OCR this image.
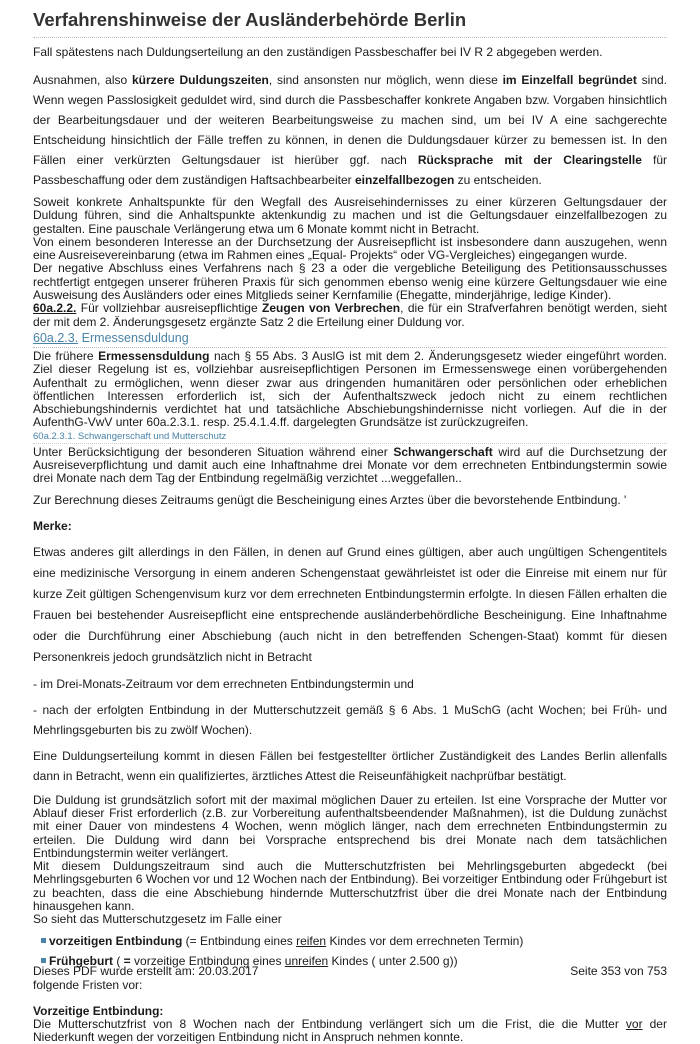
Verfahrenshinweise der Ausländerbehörde Berlin

Fall spätestens nach Duldungserteilung an den zuständigen Passbeschaffer bei IV R 2 abgegeben werden.

Ausnahmen, also kürzere Duldungszeiten, sind ansonsten nur möglich, wenn diese im Einzelfall begründet sind. Wenn wegen Passlosigkeit geduldet wird, sind durch die Passbeschaffer konkrete Angaben bzw. Vorgaben hinsichtlich der Bearbeitungsdauer und der weiteren Bearbeitungsweise zu machen sind, um bei IV A eine sachgerechte Entscheidung hinsichtlich der Fälle treffen zu können, in denen die Duldungsdauer kürzer zu bemessen ist. In den Fällen einer verkürzten Geltungsdauer ist hierüber ggf. nach Rücksprache mit der Clearingstelle für Passbeschaffung oder dem zuständigen Haftsachbearbeiter einzelfallbezogen zu entscheiden.

Soweit konkrete Anhaltspunkte für den Wegfall des Ausreisehindernisses zu einer kürzeren Geltungsdauer der Duldung führen, sind die Anhaltspunkte aktenkundig zu machen und ist die Geltungsdauer einzelfallbezogen zu gestalten. Eine pauschale Verlängerung etwa um 6 Monate kommt nicht in Betracht.

Von einem besonderen Interesse an der Durchsetzung der Ausreisepflicht ist insbesondere dann auszugehen, wenn eine Ausreisevereinbarung (etwa im Rahmen eines „Equal- Projekts“ oder VG-Vergleiches) eingegangen wurde.

Der negative Abschluss eines Verfahrens nach § 23 a oder die vergebliche Beteiligung des Petitionsausschusses rechtfertigt entgegen unserer früheren Praxis für sich genommen ebenso wenig eine kürzere Geltungsdauer wie eine Ausweisung des Ausländers oder eines Mitglieds seiner Kernfamilie (Ehegatte, minderjährige, ledige Kinder).

60a.2.2. Für vollziehbar ausreisepflichtige Zeugen von Verbrechen, die für ein Strafverfahren benötigt werden, sieht der mit dem 2. Änderungsgesetz ergänzte Satz 2 die Erteilung einer Duldung vor.

60a.2.3. Ermessensduldung

Die frühere Ermessensduldung nach § 55 Abs. 3 AuslG ist mit dem 2. Änderungsgesetz wieder eingeführt worden. Ziel dieser Regelung ist es, vollziehbar ausreisepflichtigen Personen im Ermessenswege einen vorübergehenden Aufenthalt zu ermöglichen, wenn dieser zwar aus dringenden humanitären oder persönlichen oder erheblichen öffentlichen Interessen erforderlich ist, sich der Aufenthaltszweck jedoch nicht zu einem rechtlichen Abschiebungshindernis verdichtet hat und tatsächliche Abschiebungshindernisse nicht vorliegen. Auf die in der AufenthG-VwV unter 60a.2.3.1. resp. 25.4.1.4.ff. dargelegten Grundsätze ist zurückzugreifen.

60a.2.3.1. Schwangerschaft und Mutterschutz

Unter Berücksichtigung der besonderen Situation während einer Schwangerschaft wird auf die Durchsetzung der Ausreiseverpflichtung und damit auch eine Inhaftnahme drei Monate vor dem errechneten Entbindungstermin sowie drei Monate nach dem Tag der Entbindung regelmäßig verzichtet ...weggefallen..

Zur Berechnung dieses Zeitraums genügt die Bescheinigung eines Arztes über die bevorstehende Entbindung. '

Merke:

Etwas anderes gilt allerdings in den Fällen, in denen auf Grund eines gültigen, aber auch ungültigen Schengentitels eine medizinische Versorgung in einem anderen Schengenstaat gewährleistet ist oder die Einreise mit einem nur für kurze Zeit gültigen Schengenvisum kurz vor dem errechneten Entbindungstermin erfolgte. In diesen Fällen erhalten die Frauen bei bestehender Ausreisepflicht eine entsprechende ausländerbehördliche Bescheinigung. Eine Inhaftnahme oder die Durchführung einer Abschiebung (auch nicht in den betreffenden Schengen-Staat) kommt für diesen Personenkreis jedoch grundsätzlich nicht in Betracht

- im Drei-Monats-Zeitraum vor dem errechneten Entbindungstermin und

- nach der erfolgten Entbindung in der Mutterschutzzeit gemäß § 6 Abs. 1 MuSchG (acht Wochen; bei Früh- und Mehrlingsgeburten bis zu zwölf Wochen).

Eine Duldungserteilung kommt in diesen Fällen bei festgestellter örtlicher Zuständigkeit des Landes Berlin allenfalls dann in Betracht, wenn ein qualifiziertes, ärztliches Attest die Reiseunfähigkeit nachprüfbar bestätigt.

Die Duldung ist grundsätzlich sofort mit der maximal möglichen Dauer zu erteilen. Ist eine Vorsprache der Mutter vor Ablauf dieser Frist erforderlich (z.B. zur Vorbereitung aufenthaltsbeendender Maßnahmen), ist die Duldung zunächst mit einer Dauer von mindestens 4 Wochen, wenn möglich länger, nach dem errechneten Entbindungstermin zu erteilen. Die Duldung wird dann bei Vorsprache entsprechend bis drei Monate nach dem tatsächlichen Entbindungstermin weiter verlängert.

Mit diesem Duldungszeitraum sind auch die Mutterschutzfristen bei Mehrlingsgeburten abgedeckt (bei Mehrlingsgeburten 6 Wochen vor und 12 Wochen nach der Entbindung). Bei vorzeitiger Entbindung oder Frühgeburt ist zu beachten, dass die eine Abschiebung hindernde Mutterschutzfrist über die drei Monate nach der Entbindung hinausgehen kann.

So sieht das Mutterschutzgesetz im Falle einer

vorzeitigen Entbindung (= Entbindung eines reifen Kindes vor dem errechneten Termin)
Frühgeburt ( = vorzeitige Entbindung eines unreifen Kindes ( unter 2.500 g))

folgende Fristen vor:

Vorzeitige Entbindung:

Die Mutterschutzfrist von 8 Wochen nach der Entbindung verlängert sich um die Frist, die die Mutter vor der Niederkunft wegen der vorzeitigen Entbindung nicht in Anspruch nehmen konnte.

Dieses PDF wurde erstellt am: 20.03.2017	Seite 353 von 753
